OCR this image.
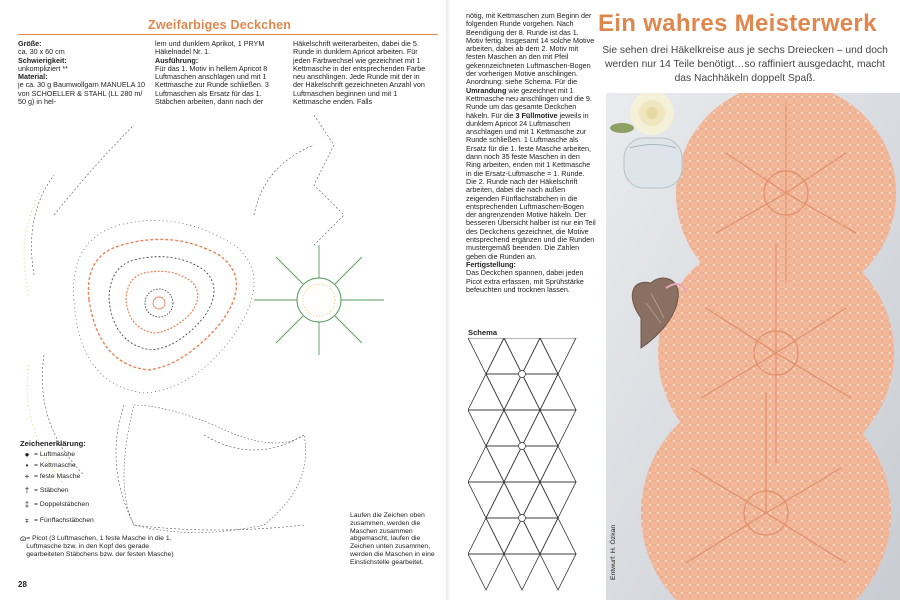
Zweifarbiges Deckchen
Größe:
ca. 30 x 60 cm
Schwierigkeit:
unkompliziert **
Material:
je ca. 30 g Baumwollgarn MANUELA 10 von SCHOELLER & STAHL (LL 280 m/ 50 g) in hel-
lem und dunklem Aprikot, 1 PRYM Häkelnadel Nr. 1.
Ausführung:
Für das 1. Motiv in hellem Apricot 8 Luftmaschen anschlagen und mit 1 Kettmasche zur Runde schließen. 3 Luftmaschen als Ersatz für das 1. Stäbchen arbeiten, dann nach der
Häkelschrift weiterarbeiten, dabei die 5. Runde in dunklem Apricot arbeiten. Für jeden Farbwechsel wie gezeichnet mit 1 Kettmasche in der entsprechenden Farbe neu anschlingen. Jede Runde mit der in der Häkelschrift gezeichneten Anzahl von Luftmaschen beginnen und mit 1 Kettmasche enden. Falls
Zeichenerklärung:
● = Luftmasche
• = Kettmasche
+ = feste Masche
† = Stäbchen
‡ = Doppelstäbchen
⧧ = Fünffachstäbchen
ɷ = Picot (3 Luftmaschen, 1 feste Masche in die 1. Luftmasche bzw. in den Kopf des gerade gearbeiteten Stäbchens bzw. der festen Masche)
Laufen die Zeichen oben zusammen, werden die Maschen zusammen abgemascht, laufen die Zeichen unten zusammen, werden die Maschen in eine Einstichstelle gearbeitet.
28
nötig, mit Kettmaschen zum Beginn der folgenden Runde vorgehen. Nach Beendigung der 8. Runde ist das 1. Motiv fertig. Insgesamt 14 solche Motive arbeiten, dabei ab dem 2. Motiv mit festen Maschen an den mit Pfeil gekennzeichneten Luftmaschen-Bogen der vorherigen Motive anschlingen. Anordnung: siehe Schema. Für die Umrandung wie gezeichnet mit 1 Kettmasche neu anschlingen und die 9. Runde um das gesamte Deckchen häkeln. Für die 3 Füllmotive jeweils in dunklem Apricot 24 Luftmaschen anschlagen und mit 1 Kettmasche zur Runde schließen. 1 Luftmasche als Ersatz für die 1. feste Masche arbeiten, dann noch 35 feste Maschen in den Ring arbeiten, enden mit 1 Kettmasche in die Ersatz-Luftmasche = 1. Runde. Die 2. Runde nach der Häkelschrift arbeiten, dabei die nach außen zeigenden Fünffachstäbchen in die entsprechenden Luftmaschen-Bogen der angrenzenden Motive häkeln. Der besseren Übersicht halber ist nur ein Teil des Deckchens gezeichnet, die Motive entsprechend ergänzen und die Runden mustergemäß beenden. Die Zahlen geben die Runden an.
Fertigstellung:
Das Deckchen spannen, dabei jeden Picot extra erfassen, mit Sprühstärke befeuchten und trocknen lassen.
Ein wahres Meisterwerk
Sie sehen drei Häkelkreise aus je sechs Dreiecken – und doch werden nur 14 Teile benötigt…so raffiniert ausgedacht, macht das Nachhäkeln doppelt Spaß.
Schema
Entwurf: H. Özkan
